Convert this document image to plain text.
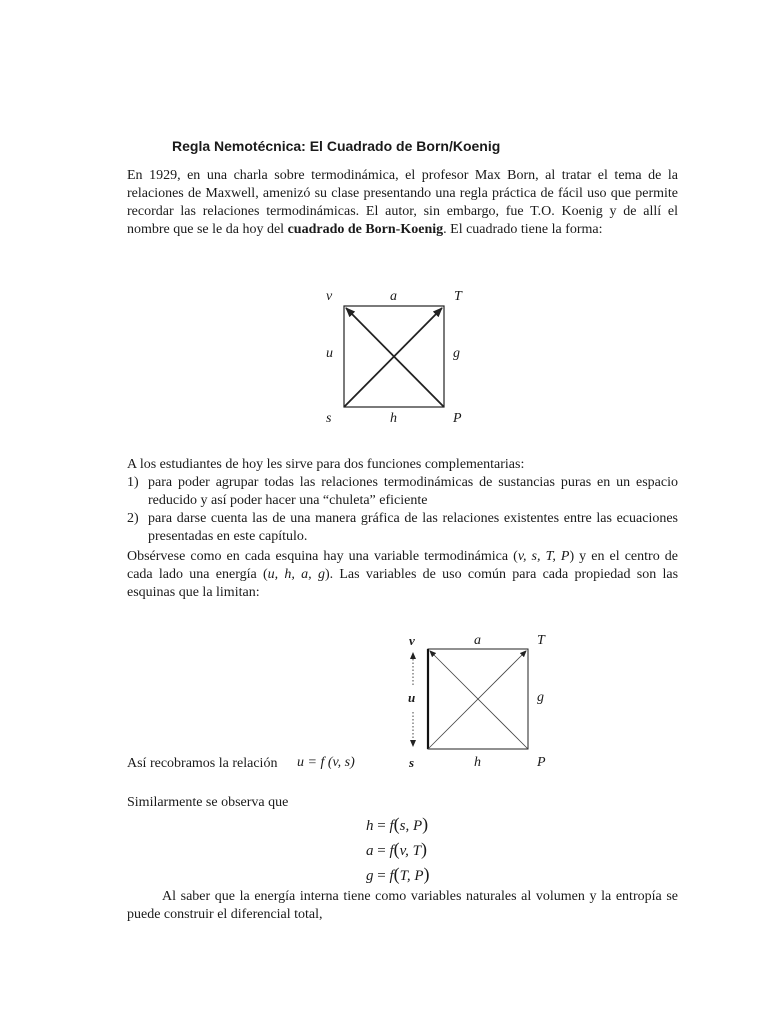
Regla Nemotécnica: El Cuadrado de Born/Koenig
En 1929, en una charla sobre termodinámica, el profesor Max Born, al tratar el tema de la relaciones de Maxwell, amenizó su clase presentando una regla práctica de fácil uso que permite recordar las relaciones termodinámicas. El autor, sin embargo, fue T.O. Koenig y de allí el nombre que se le da hoy del cuadrado de Born-Koenig. El cuadrado tiene la forma:
v	a	T
u	g
s	h	P
A los estudiantes de hoy les sirve para dos funciones complementarias:
1) para poder agrupar todas las relaciones termodinámicas de sustancias puras en un espacio reducido y así poder hacer una “chuleta” eficiente
2) para darse cuenta las de una manera gráfica de las relaciones existentes entre las ecuaciones presentadas en este capítulo.
Obsérvese como en cada esquina hay una variable termodinámica (v, s, T, P) y en el centro de cada lado una energía (u, h, a, g). Las variables de uso común para cada propiedad son las esquinas que la limitan:
v	a	T
u	g
s	h	P
Así recobramos la relación u = f (v, s)
Similarmente se observa que
h = f(s, P)
a = f(v, T)
g = f(T, P)
Al saber que la energía interna tiene como variables naturales al volumen y la entropía se puede construir el diferencial total,
